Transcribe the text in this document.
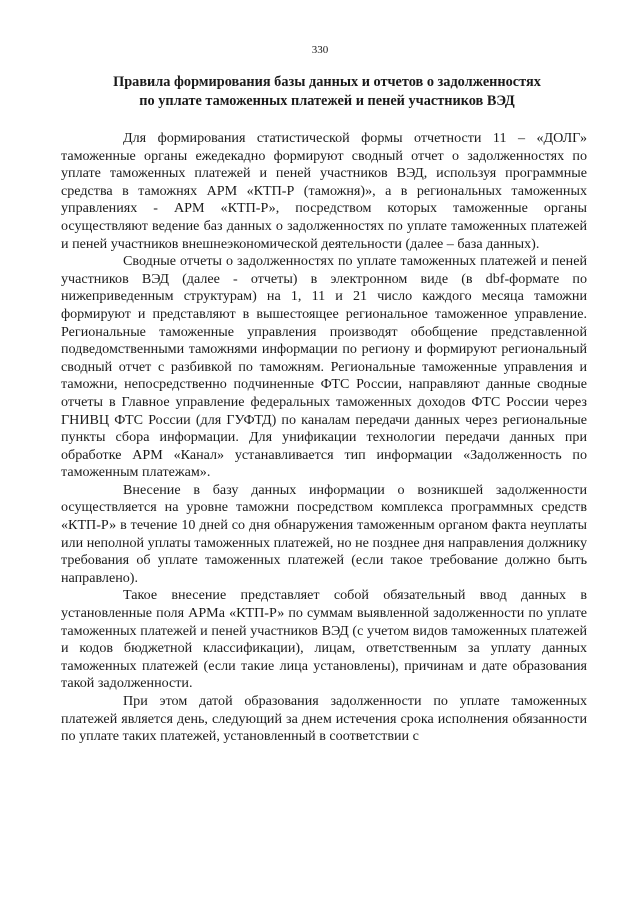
330
Правила формирования базы данных и отчетов о задолженностях
по уплате таможенных платежей и пеней участников ВЭД

Для формирования статистической формы отчетности 11 – «ДОЛГ» таможенные органы ежедекадно формируют сводный отчет о задолженностях по уплате таможенных платежей и пеней участников ВЭД, используя программные средства в таможнях АРМ «КТП-Р (таможня)», а в региональных таможенных управлениях - АРМ «КТП-Р», посредством которых таможенные органы осуществляют ведение баз данных о задолженностях по уплате таможенных платежей и пеней участников внешнеэкономической деятельности (далее – база данных).

Сводные отчеты о задолженностях по уплате таможенных платежей и пеней участников ВЭД (далее - отчеты) в электронном виде (в dbf-формате по нижеприведенным структурам) на 1, 11 и 21 число каждого месяца таможни формируют и представляют в вышестоящее региональное таможенное управление. Региональные таможенные управления производят обобщение представленной подведомственными таможнями информации по региону и формируют региональный сводный отчет с разбивкой по таможням. Региональные таможенные управления и таможни, непосредственно подчиненные ФТС России, направляют данные сводные отчеты в Главное управление федеральных таможенных доходов ФТС России через ГНИВЦ ФТС России (для ГУФТД) по каналам передачи данных через региональные пункты сбора информации. Для унификации технологии передачи данных при обработке АРМ «Канал» устанавливается тип информации «Задолженность по таможенным платежам».

Внесение в базу данных информации о возникшей задолженности осуществляется на уровне таможни посредством комплекса программных средств «КТП-Р» в течение 10 дней со дня обнаружения таможенным органом факта неуплаты или неполной уплаты таможенных платежей, но не позднее дня направления должнику требования об уплате таможенных платежей (если такое требование должно быть направлено).

Такое внесение представляет собой обязательный ввод данных в установленные поля АРМа «КТП-Р» по суммам выявленной задолженности по уплате таможенных платежей и пеней участников ВЭД (с учетом видов таможенных платежей и кодов бюджетной классификации), лицам, ответственным за уплату данных таможенных платежей (если такие лица установлены), причинам и дате образования такой задолженности.

При этом датой образования задолженности по уплате таможенных платежей является день, следующий за днем истечения срока исполнения обязанности по уплате таких платежей, установленный в соответствии с
